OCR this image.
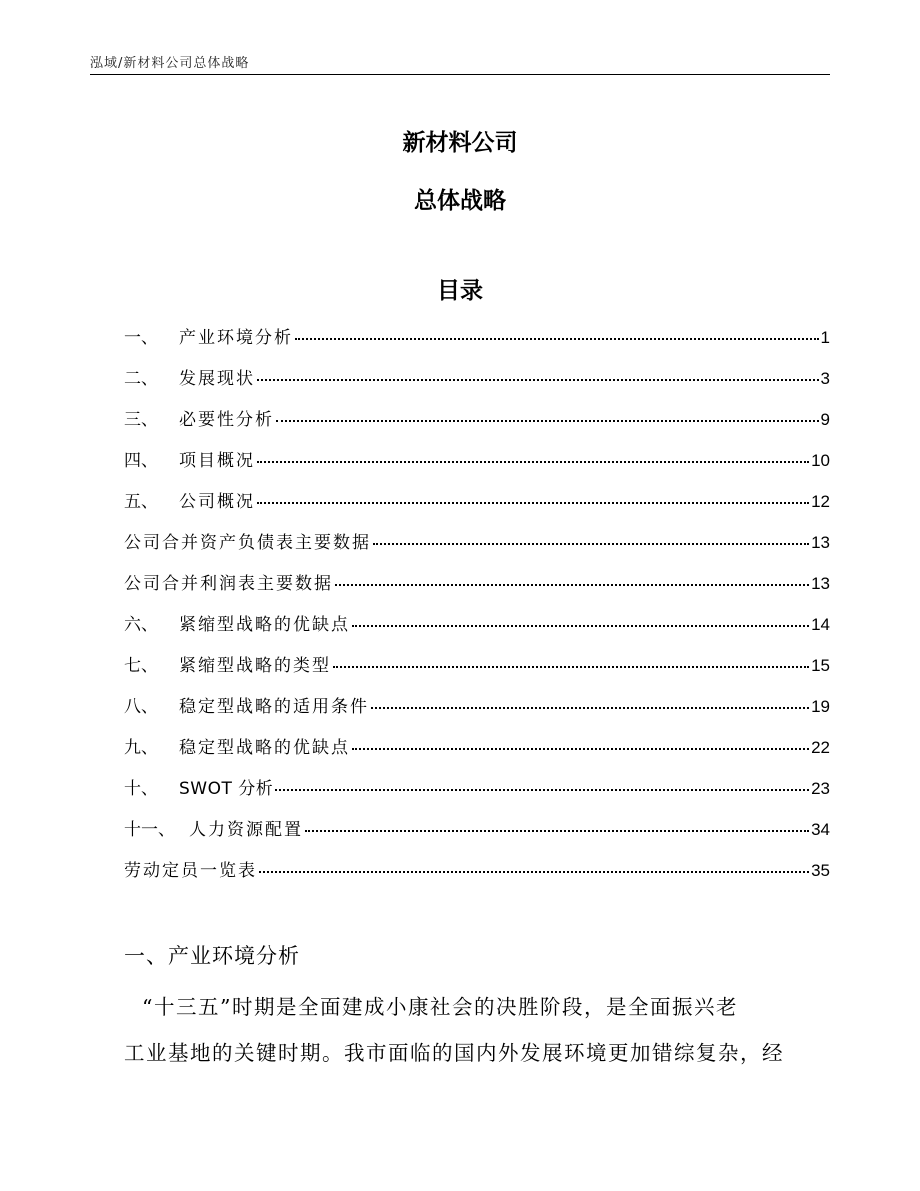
泓域/新材料公司总体战略
新材料公司
总体战略
目录
一、 产业环境分析	1
二、 发展现状	3
三、 必要性分析	9
四、 项目概况	10
五、 公司概况	12
公司合并资产负债表主要数据	13
公司合并利润表主要数据	13
六、 紧缩型战略的优缺点	14
七、 紧缩型战略的类型	15
八、 稳定型战略的适用条件	19
九、 稳定型战略的优缺点	22
十、 SWOT 分析	23
十一、 人力资源配置	34
劳动定员一览表	35
一、产业环境分析
“十三五”时期是全面建成小康社会的决胜阶段，是全面振兴老
工业基地的关键时期。我市面临的国内外发展环境更加错综复杂，经
